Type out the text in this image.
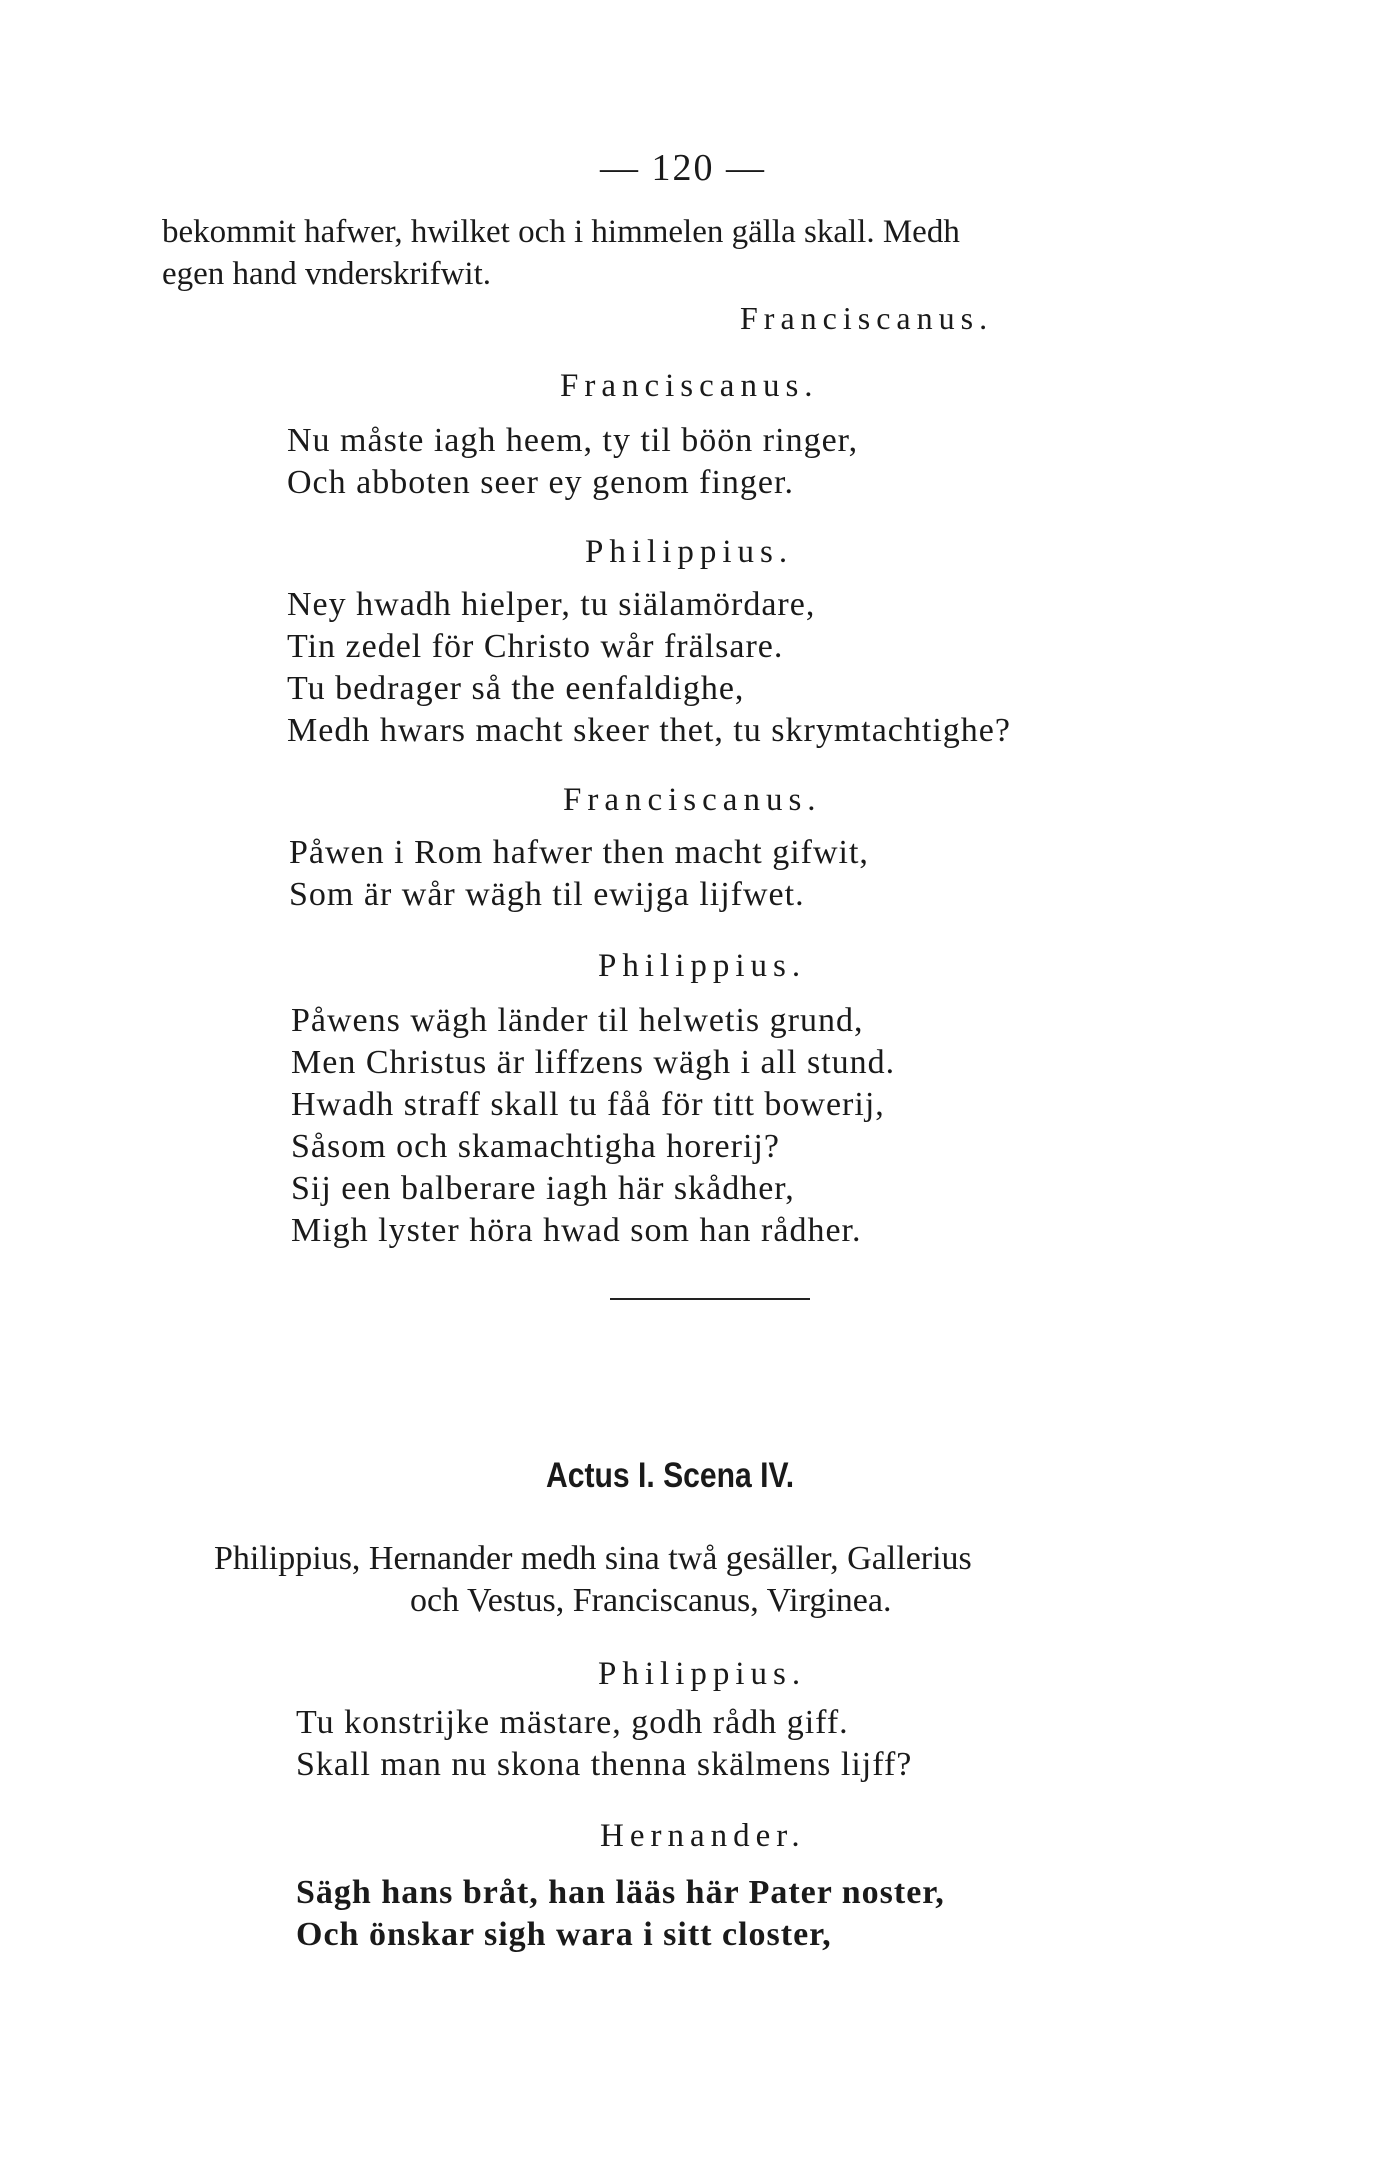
— 120 —
bekommit hafwer, hwilket och i himmelen gälla skall. Medh
egen hand vnderskrifwit.
Franciscanus.
Franciscanus.
Nu måste iagh heem, ty til böön ringer,
Och abboten seer ey genom finger.
Philippius.
Ney hwadh hielper, tu siälamördare,
Tin zedel för Christo wår frälsare.
Tu bedrager så the eenfaldighe,
Medh hwars macht skeer thet, tu skrymtachtighe?
Franciscanus.
Påwen i Rom hafwer then macht gifwit,
Som är wår wägh til ewijga lijfwet.
Philippius.
Påwens wägh länder til helwetis grund,
Men Christus är liffzens wägh i all stund.
Hwadh straff skall tu fåå för titt bowerij,
Såsom och skamachtigha horerij?
Sij een balberare iagh här skådher,
Migh lyster höra hwad som han rådher.
Actus I. Scena IV.
Philippius, Hernander medh sina twå gesäller, Gallerius
och Vestus, Franciscanus, Virginea.
Philippius.
Tu konstrijke mästare, godh rådh giff.
Skall man nu skona thenna skälmens lijff?
Hernander.
Sägh hans bråt, han lääs här Pater noster,
Och önskar sigh wara i sitt closter,
